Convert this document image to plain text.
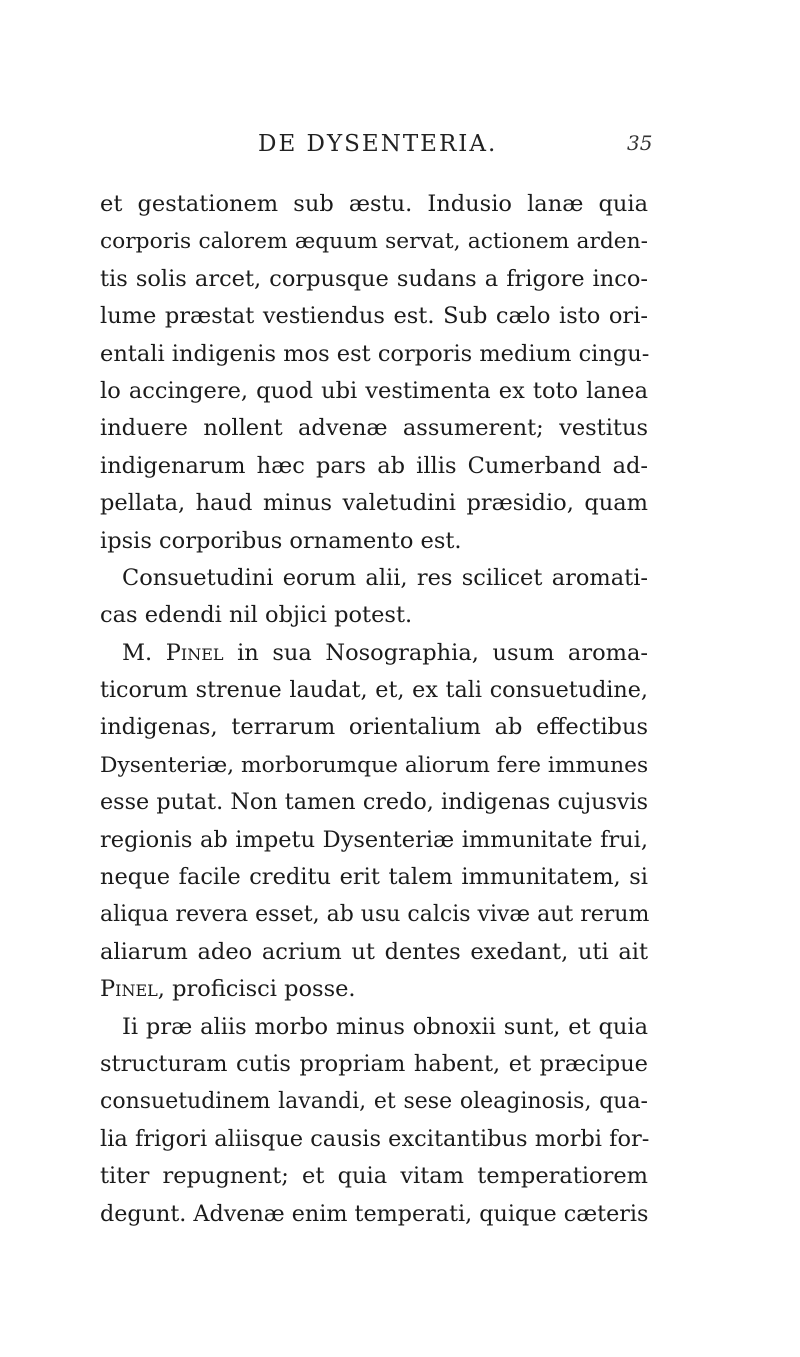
DE DYSENTERIA.	35
et gestationem sub æstu. Indusio lanæ quia
corporis calorem æquum servat, actionem arden-
tis solis arcet, corpusque sudans a frigore inco-
lume præstat vestiendus est. Sub cælo isto ori-
entali indigenis mos est corporis medium cingu-
lo accingere, quod ubi vestimenta ex toto lanea
induere nollent advenæ assumerent; vestitus
indigenarum hæc pars ab illis Cumerband ad-
pellata, haud minus valetudini præsidio, quam
ipsis corporibus ornamento est.
Consuetudini eorum alii, res scilicet aromati-
cas edendi nil objici potest.
M. Pinel in sua Nosographia, usum aroma-
ticorum strenue laudat, et, ex tali consuetudine,
indigenas, terrarum orientalium ab effectibus
Dysenteriæ, morborumque aliorum fere immunes
esse putat. Non tamen credo, indigenas cujusvis
regionis ab impetu Dysenteriæ immunitate frui,
neque facile creditu erit talem immunitatem, si
aliqua revera esset, ab usu calcis vivæ aut rerum
aliarum adeo acrium ut dentes exedant, uti ait
Pinel, proficisci posse.
Ii præ aliis morbo minus obnoxii sunt, et quia
structuram cutis propriam habent, et præcipue
consuetudinem lavandi, et sese oleaginosis, qua-
lia frigori aliisque causis excitantibus morbi for-
titer repugnent; et quia vitam temperatiorem
degunt. Advenæ enim temperati, quique cæteris
